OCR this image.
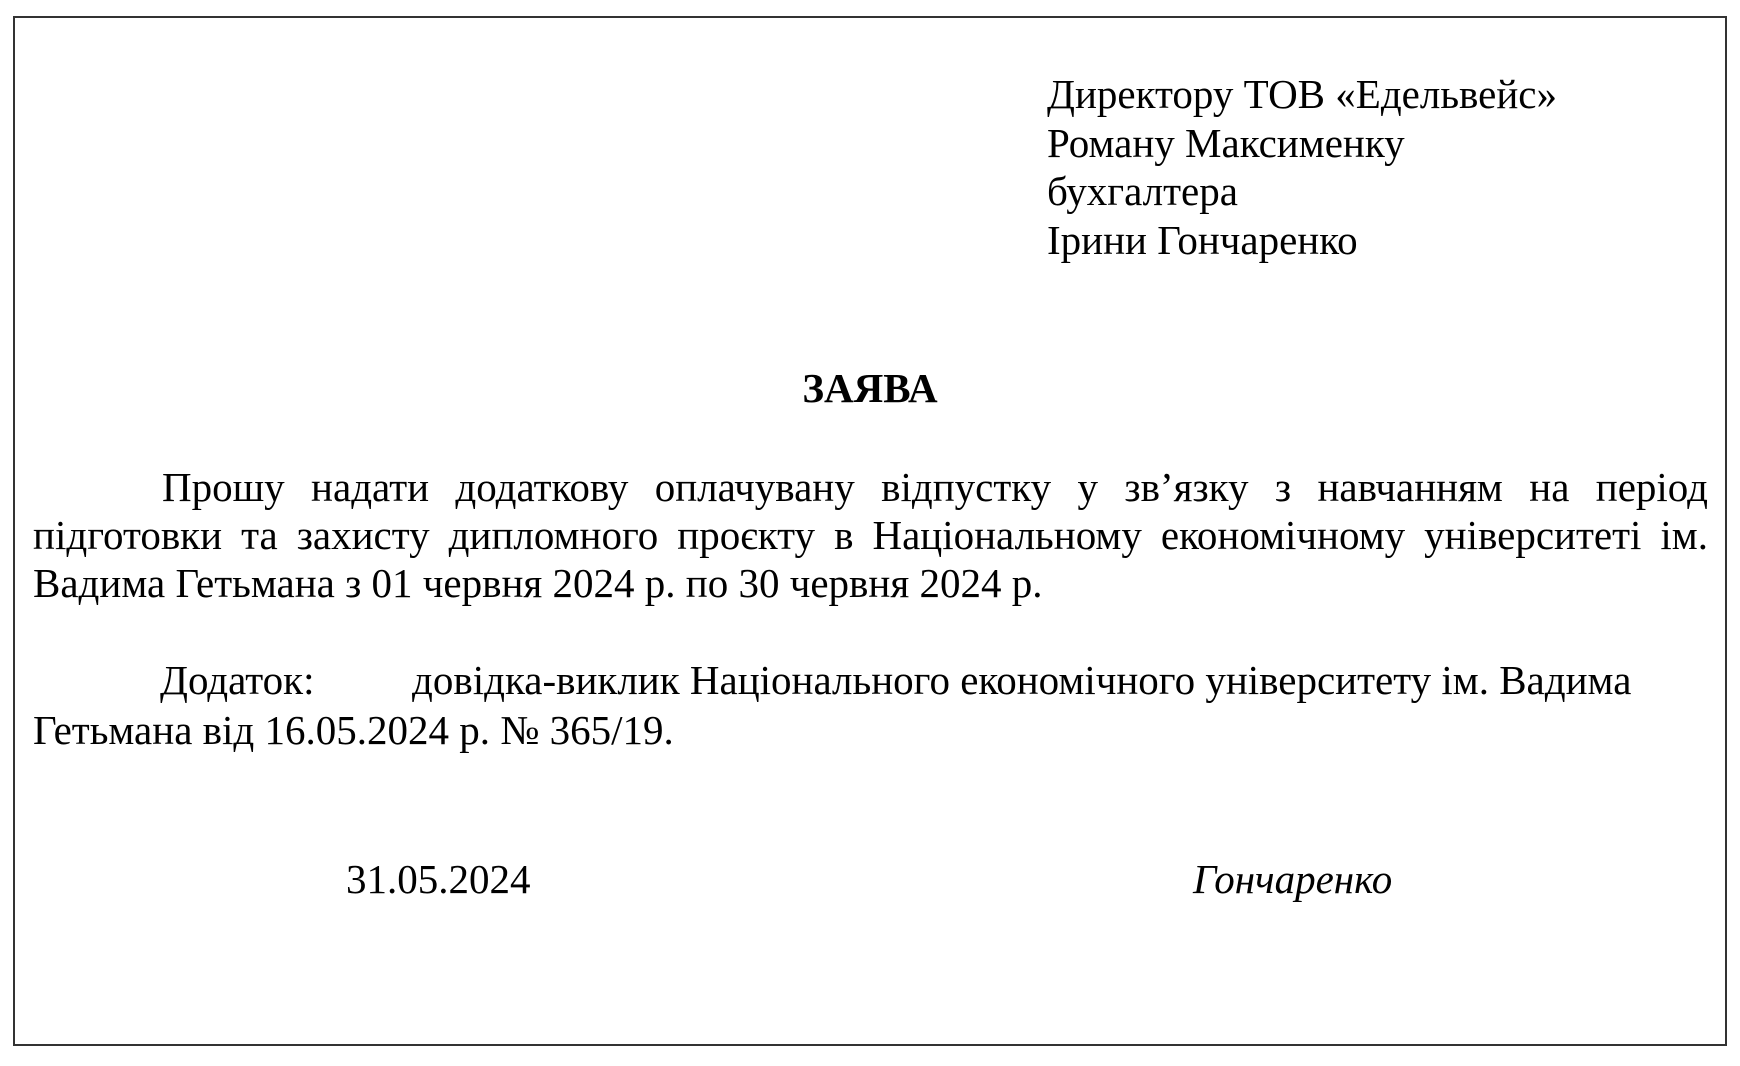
Директору ТОВ «Едельвейс»
Роману Максименку
бухгалтера
Ірини Гончаренко
ЗАЯВА
Прошу надати додаткову оплачувану відпустку у зв’язку з навчанням на період
підготовки та захисту дипломного проєкту в Національному економічному університеті ім.
Вадима Гетьмана з 01 червня 2024 р. по 30 червня 2024 р.
Додаток: довідка-виклик Національного економічного університету ім. Вадима
Гетьмана від 16.05.2024 р. № 365/19.
31.05.2024	Гончаренко
